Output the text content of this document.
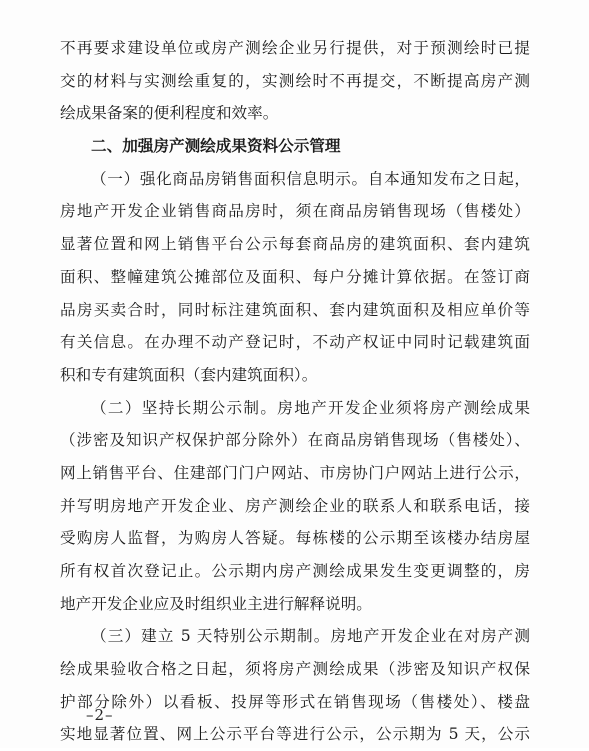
不再要求建设单位或房产测绘企业另行提供，对于预测绘时已提
交的材料与实测绘重复的，实测绘时不再提交，不断提高房产测
绘成果备案的便利程度和效率。
二、加强房产测绘成果资料公示管理
（一）强化商品房销售面积信息明示。自本通知发布之日起，
房地产开发企业销售商品房时，须在商品房销售现场（售楼处）
显著位置和网上销售平台公示每套商品房的建筑面积、套内建筑
面积、整幢建筑公摊部位及面积、每户分摊计算依据。在签订商
品房买卖合时，同时标注建筑面积、套内建筑面积及相应单价等
有关信息。在办理不动产登记时，不动产权证中同时记载建筑面
积和专有建筑面积（套内建筑面积）。
（二）坚持长期公示制。房地产开发企业须将房产测绘成果
（涉密及知识产权保护部分除外）在商品房销售现场（售楼处）、
网上销售平台、住建部门门户网站、市房协门户网站上进行公示，
并写明房地产开发企业、房产测绘企业的联系人和联系电话，接
受购房人监督，为购房人答疑。每栋楼的公示期至该楼办结房屋
所有权首次登记止。公示期内房产测绘成果发生变更调整的，房
地产开发企业应及时组织业主进行解释说明。
（三）建立 5 天特别公示期制。房地产开发企业在对房产测
绘成果验收合格之日起，须将房产测绘成果（涉密及知识产权保
护部分除外）以看板、投屏等形式在销售现场（售楼处）、楼盘
实地显著位置、网上公示平台等进行公示，公示期为 5 天，公示
–2–
